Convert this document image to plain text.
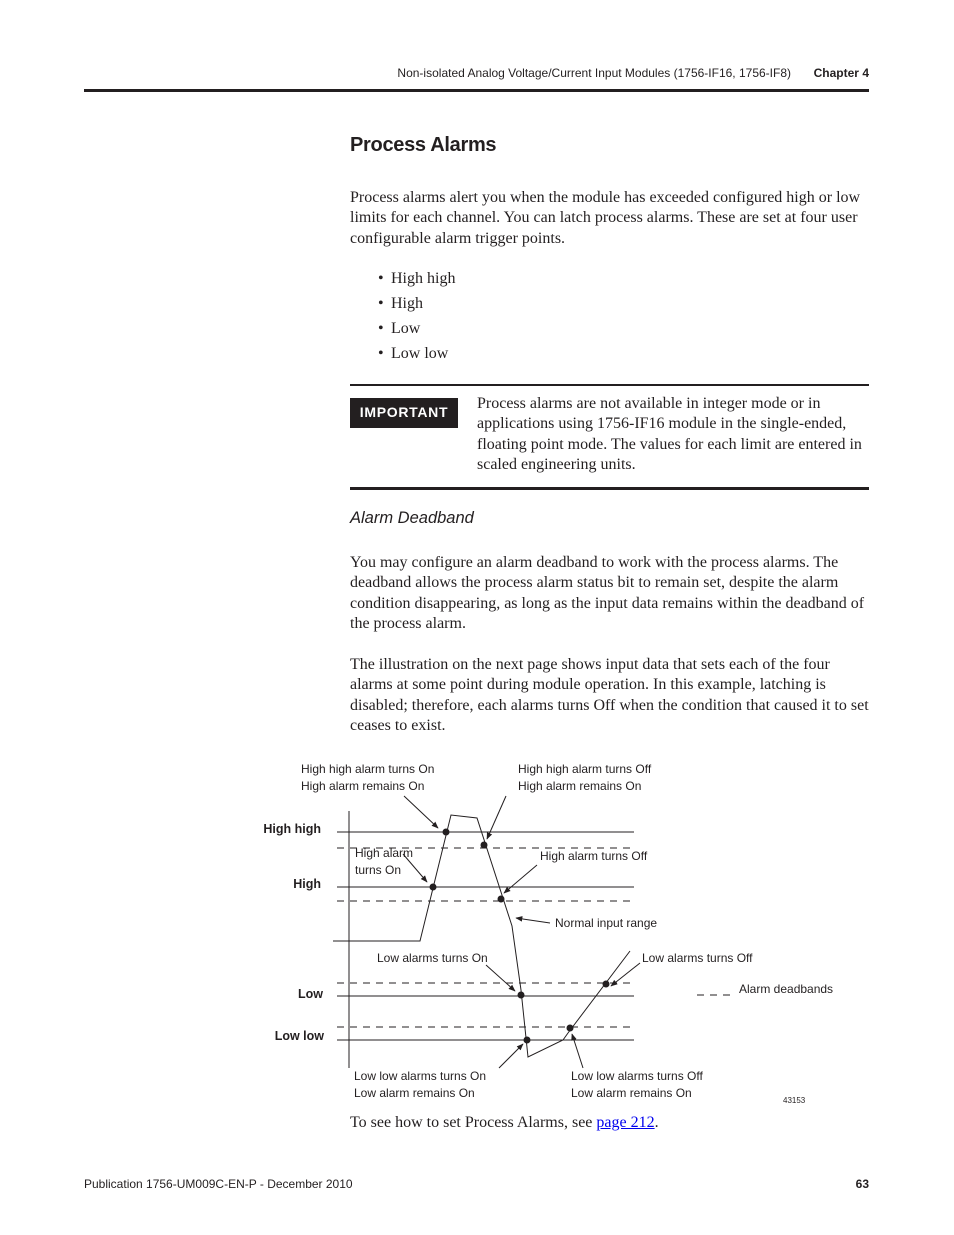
Non-isolated Analog Voltage/Current Input Modules (1756-IF16, 1756-IF8) Chapter 4
Process Alarms
Process alarms alert you when the module has exceeded configured high or low limits for each channel. You can latch process alarms. These are set at four user configurable alarm trigger points.
• High high
• High
• Low
• Low low
IMPORTANT	Process alarms are not available in integer mode or in applications using 1756-IF16 module in the single-ended, floating point mode. The values for each limit are entered in scaled engineering units.
Alarm Deadband
You may configure an alarm deadband to work with the process alarms. The deadband allows the process alarm status bit to remain set, despite the alarm condition disappearing, as long as the input data remains within the deadband of the process alarm.
The illustration on the next page shows input data that sets each of the four alarms at some point during module operation. In this example, latching is disabled; therefore, each alarms turns Off when the condition that caused it to set ceases to exist.
High high
High
Low
Low low
High high alarm turns On
High alarm remains On
High high alarm turns Off
High alarm remains On
High alarm
turns On
High alarm turns Off
Normal input range
Low alarms turns On	Low alarms turns Off
Alarm deadbands
Low low alarms turns On
Low alarm remains On
Low low alarms turns Off
Low alarm remains On
43153
To see how to set Process Alarms, see page 212.
Publication 1756-UM009C-EN-P - December 2010	63
